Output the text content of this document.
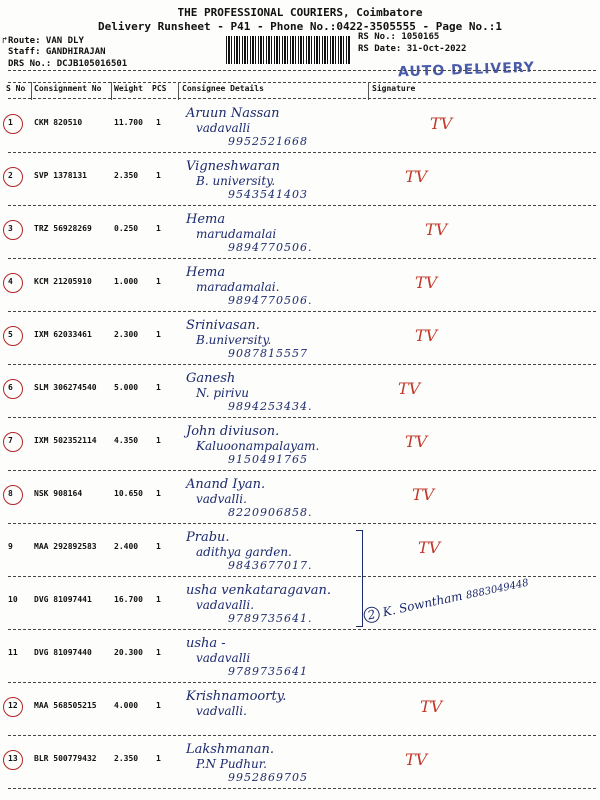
↱
THE PROFESSIONAL COURIERS, Coimbatore
Delivery Runsheet - P41 - Phone No.:0422-3505555 - Page No.:1
Route: VAN DLY
Staff: GANDHIRAJAN
DRS No.: DCJB105016501
RS No.: 1050165
RS Date: 31-Oct-2022
AUTO DELIVERY
S No Consignment No Weight PCS Consignee Details	Signature
1	CKM 820510	11.700 1
Aruun Nassan
vadavalli
9952521668
TV
2	SVP 1378131	2.350 1
Vigneshwaran
B. university.
9543541403
TV
3	TRZ 56928269	0.250 1
Hema
marudamalai
9894770506.
TV
4	KCM 21205910	1.000 1
Hema
maradamalai.
9894770506.
TV
5	IXM 62033461	2.300 1
Srinivasan.
B.university.
9087815557
TV
6	SLM 306274540 5.000 1
Ganesh
N. pirivu
9894253434.
TV
7	IXM 502352114 4.350 1
John diviuson.
Kaluoonampalayam.
9150491765
TV
8	NSK 908164	10.650 1
Anand Iyan.
vadvalli.
8220906858.
TV
9	MAA 292892583 2.400 1
Prabu.
adithya garden.
9843677017.
TV
10 DVG 81097441	16.700 1
usha venkataragavan.
vadavalli.
9789735641.
11 DVG 81097440	20.300 1
usha -
vadavalli
9789735641
12 MAA 568505215 4.000 1
Krishnamoorty.
vadvalli.	TV
13 BLR 500779432 2.350 1
Lakshmanan.
P.N Pudhur.
9952869705
TV
2 K. Sowntham 8883049448
